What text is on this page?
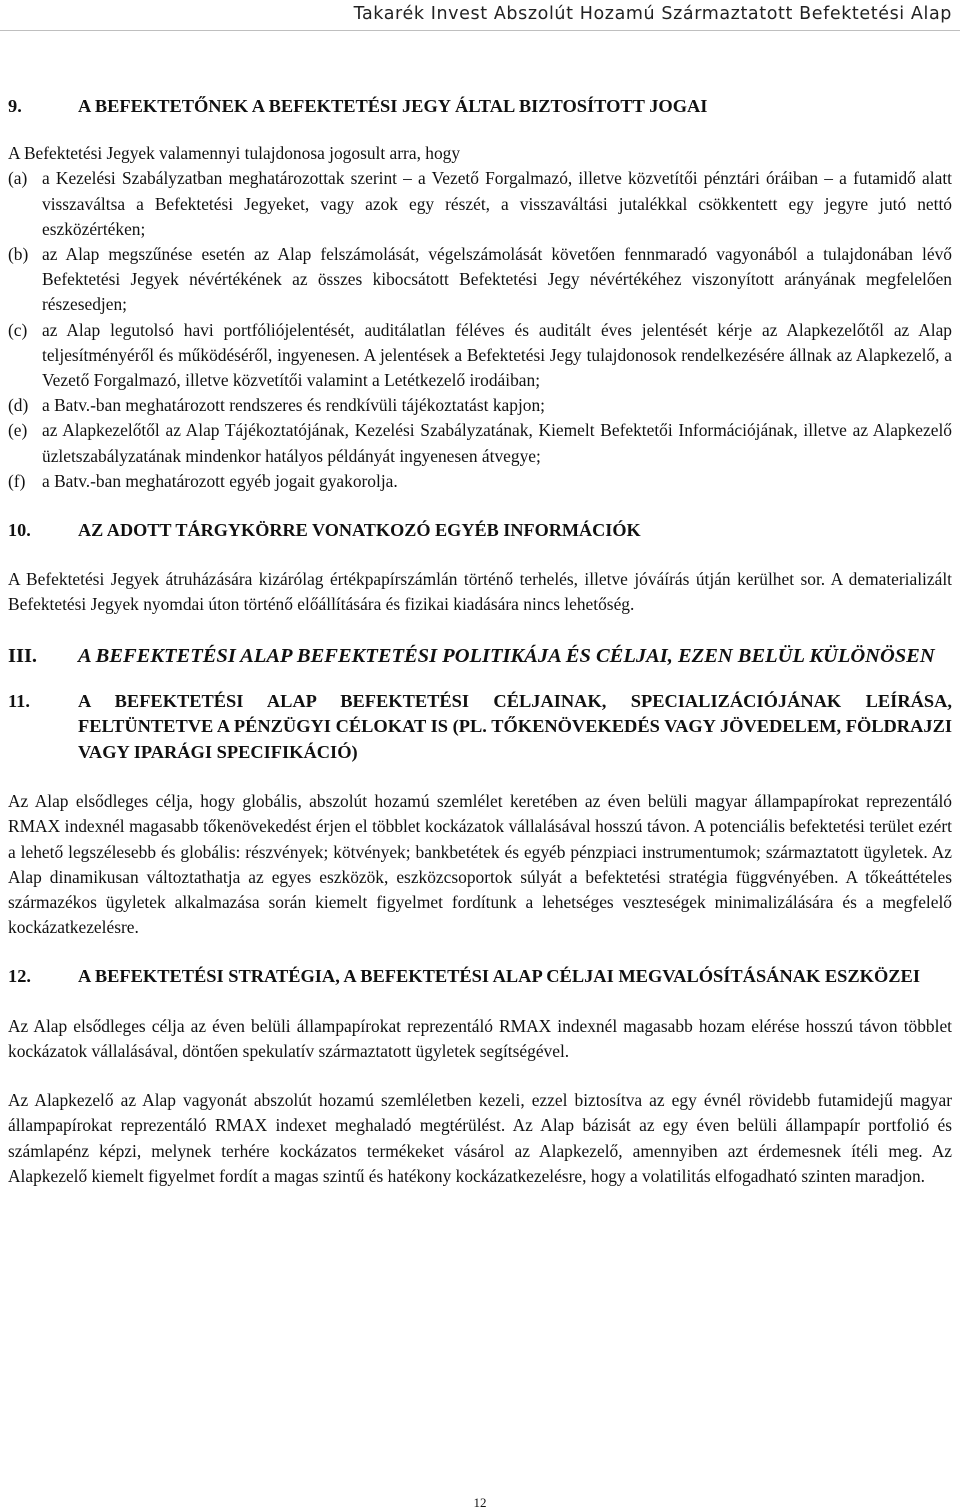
Takarék Invest Abszolút Hozamú Származtatott Befektetési Alap
9.	A BEFEKTETŐNEK A BEFEKTETÉSI JEGY ÁLTAL BIZTOSÍTOTT JOGAI

A Befektetési Jegyek valamennyi tulajdonosa jogosult arra, hogy

(a) a Kezelési Szabályzatban meghatározottak szerint – a Vezető Forgalmazó, illetve közvetítői pénztári óráiban – a futamidő alatt visszaváltsa a Befektetési Jegyeket, vagy azok egy részét, a visszaváltási jutalékkal csökkentett egy jegyre jutó nettó eszközértéken;
(b) az Alap megszűnése esetén az Alap felszámolását, végelszámolását követően fennmaradó vagyonából a tulajdonában lévő Befektetési Jegyek névértékének az összes kibocsátott Befektetési Jegy névértékéhez viszonyított arányának megfelelően részesedjen;
(c) az Alap legutolsó havi portfóliójelentését, auditálatlan féléves és auditált éves jelentését kérje az Alapkezelőtől az Alap teljesítményéről és működéséről, ingyenesen. A jelentések a Befektetési Jegy tulajdonosok rendelkezésére állnak az Alapkezelő, a Vezető Forgalmazó, illetve közvetítői valamint a Letétkezelő irodáiban;
(d) a Batv.-ban meghatározott rendszeres és rendkívüli tájékoztatást kapjon;
(e) az Alapkezelőtől az Alap Tájékoztatójának, Kezelési Szabályzatának, Kiemelt Befektetői Információjának, illetve az Alapkezelő üzletszabályzatának mindenkor hatályos példányát ingyenesen átvegye;
(f) a Batv.-ban meghatározott egyéb jogait gyakorolja.
10.	AZ ADOTT TÁRGYKÖRRE VONATKOZÓ EGYÉB INFORMÁCIÓK

A Befektetési Jegyek átruházására kizárólag értékpapírszámlán történő terhelés, illetve jóváírás útján kerülhet sor. A dematerializált Befektetési Jegyek nyomdai úton történő előállítására és fizikai kiadására nincs lehetőség.

III. A BEFEKTETÉSI ALAP BEFEKTETÉSI POLITIKÁJA ÉS CÉLJAI, EZEN BELÜL KÜLÖNÖSEN
11.	A BEFEKTETÉSI ALAP BEFEKTETÉSI CÉLJAINAK, SPECIALIZÁCIÓJÁNAK LEÍRÁSA, FELTÜNTETVE A PÉNZÜGYI CÉLOKAT IS (PL. TŐKENÖVEKEDÉS VAGY JÖVEDELEM, FÖLDRAJZI VAGY IPARÁGI SPECIFIKÁCIÓ)

Az Alap elsődleges célja, hogy globális, abszolút hozamú szemlélet keretében az éven belüli magyar állampapírokat reprezentáló RMAX indexnél magasabb tőkenövekedést érjen el többlet kockázatok vállalásával hosszú távon. A potenciális befektetési terület ezért a lehető legszélesebb és globális: részvények; kötvények; bankbetétek és egyéb pénzpiaci instrumentumok; származtatott ügyletek. Az Alap dinamikusan változtathatja az egyes eszközök, eszközcsoportok súlyát a befektetési stratégia függvényében. A tőkeáttételes származékos ügyletek alkalmazása során kiemelt figyelmet fordítunk a lehetséges veszteségek minimalizálására és a megfelelő kockázatkezelésre.

12.	A BEFEKTETÉSI STRATÉGIA, A BEFEKTETÉSI ALAP CÉLJAI MEGVALÓSÍTÁSÁNAK ESZKÖZEI

Az Alap elsődleges célja az éven belüli állampapírokat reprezentáló RMAX indexnél magasabb hozam elérése hosszú távon többlet kockázatok vállalásával, döntően spekulatív származtatott ügyletek segítségével.

Az Alapkezelő az Alap vagyonát abszolút hozamú szemléletben kezeli, ezzel biztosítva az egy évnél rövidebb futamidejű magyar állampapírokat reprezentáló RMAX indexet meghaladó megtérülést. Az Alap bázisát az egy éven belüli állampapír portfolió és számlapénz képzi, melynek terhére kockázatos termékeket vásárol az Alapkezelő, amennyiben azt érdemesnek ítéli meg. Az Alapkezelő kiemelt figyelmet fordít a magas szintű és hatékony kockázatkezelésre, hogy a volatilitás elfogadható szinten maradjon.

12
